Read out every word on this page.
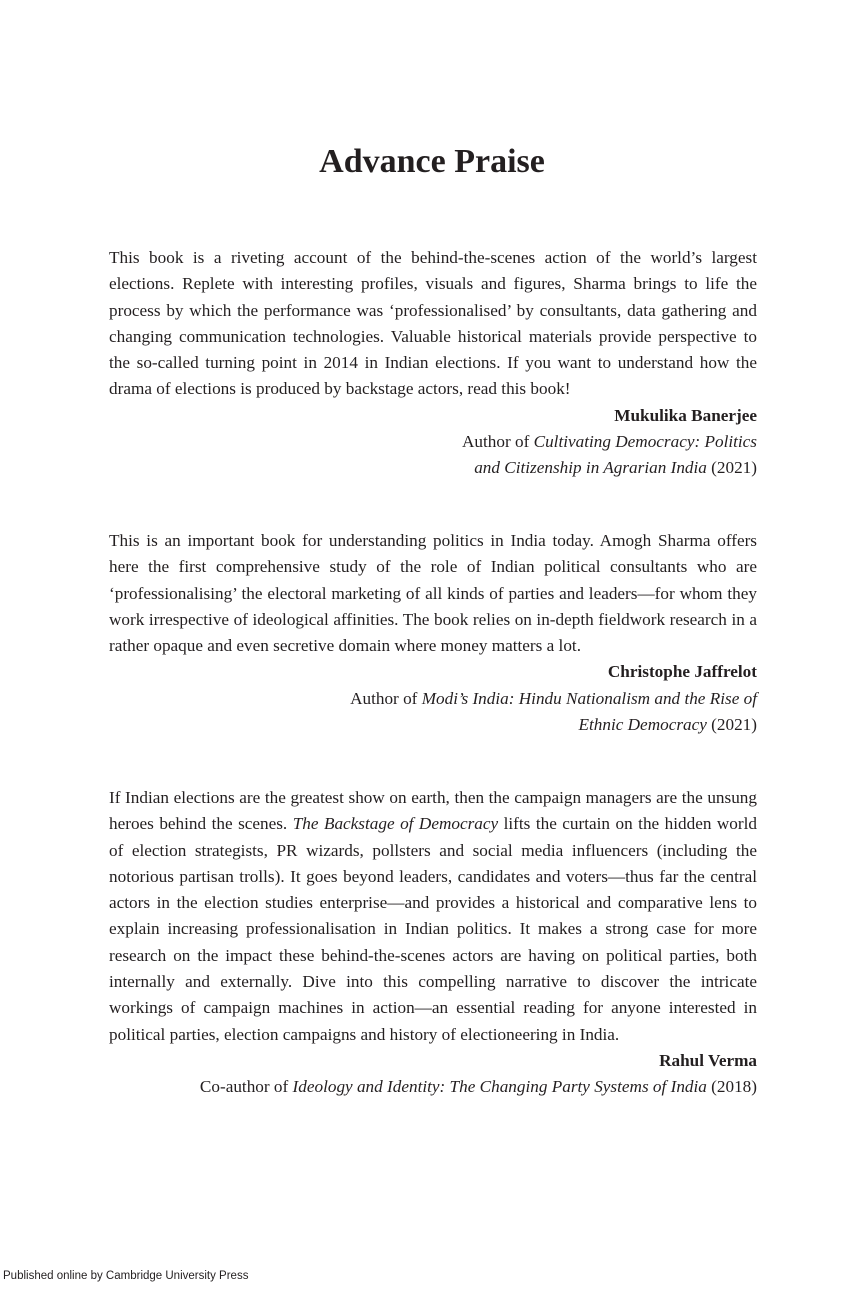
Advance Praise

This book is a riveting account of the behind-the-scenes action of the world’s largest elections. Replete with interesting profiles, visuals and figures, Sharma brings to life the process by which the performance was ‘professionalised’ by consultants, data gathering and changing communication technologies. Valuable historical materials provide perspective to the so-called turning point in 2014 in Indian elections. If you want to understand how the drama of elections is produced by backstage actors, read this book!

Mukulika Banerjee
Author of Cultivating Democracy: Politics
and Citizenship in Agrarian India (2021)

This is an important book for understanding politics in India today. Amogh Sharma offers here the first comprehensive study of the role of Indian political consultants who are ‘professionalising’ the electoral marketing of all kinds of parties and leaders—for whom they work irrespective of ideological affinities. The book relies on in-depth fieldwork research in a rather opaque and even secretive domain where money matters a lot.

Christophe Jaffrelot
Author of Modi’s India: Hindu Nationalism and the Rise of
Ethnic Democracy (2021)

If Indian elections are the greatest show on earth, then the campaign managers are the unsung heroes behind the scenes. The Backstage of Democracy lifts the curtain on the hidden world of election strategists, PR wizards, pollsters and social media influencers (including the notorious partisan trolls). It goes beyond leaders, candidates and voters—thus far the central actors in the election studies enterprise—and provides a historical and comparative lens to explain increasing professionalisation in Indian politics. It makes a strong case for more research on the impact these behind-the-scenes actors are having on political parties, both internally and externally. Dive into this compelling narrative to discover the intricate workings of campaign machines in action—an essential reading for anyone interested in political parties, election campaigns and history of electioneering in India.

Rahul Verma
Co-author of Ideology and Identity: The Changing Party Systems of India (2018)
Published online by Cambridge University Press
